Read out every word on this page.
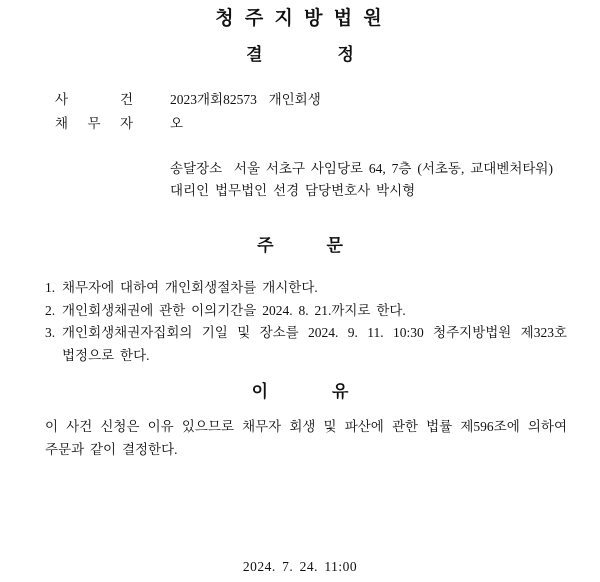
청 주 지 방 법 원
결	정
사 건	2023개회82573  개인회생
채 무 자	오
송달장소  서울 서초구 사임당로 64, 7층 (서초동, 교대벤처타워)
대리인 법무법인 선경 담당변호사 박시형
주	문
1. 채무자에 대하여 개인회생절차를 개시한다.
2. 개인회생채권에 관한 이의기간을 2024. 8. 21.까지로 한다.
3. 개인회생채권자집회의 기일 및 장소를 2024. 9. 11. 10:30 청주지방법원 제323호
법정으로 한다.
이	유
이 사건 신청은 이유 있으므로 채무자 회생 및 파산에 관한 법률 제596조에 의하여
주문과 같이 결정한다.
2024. 7. 24. 11:00
